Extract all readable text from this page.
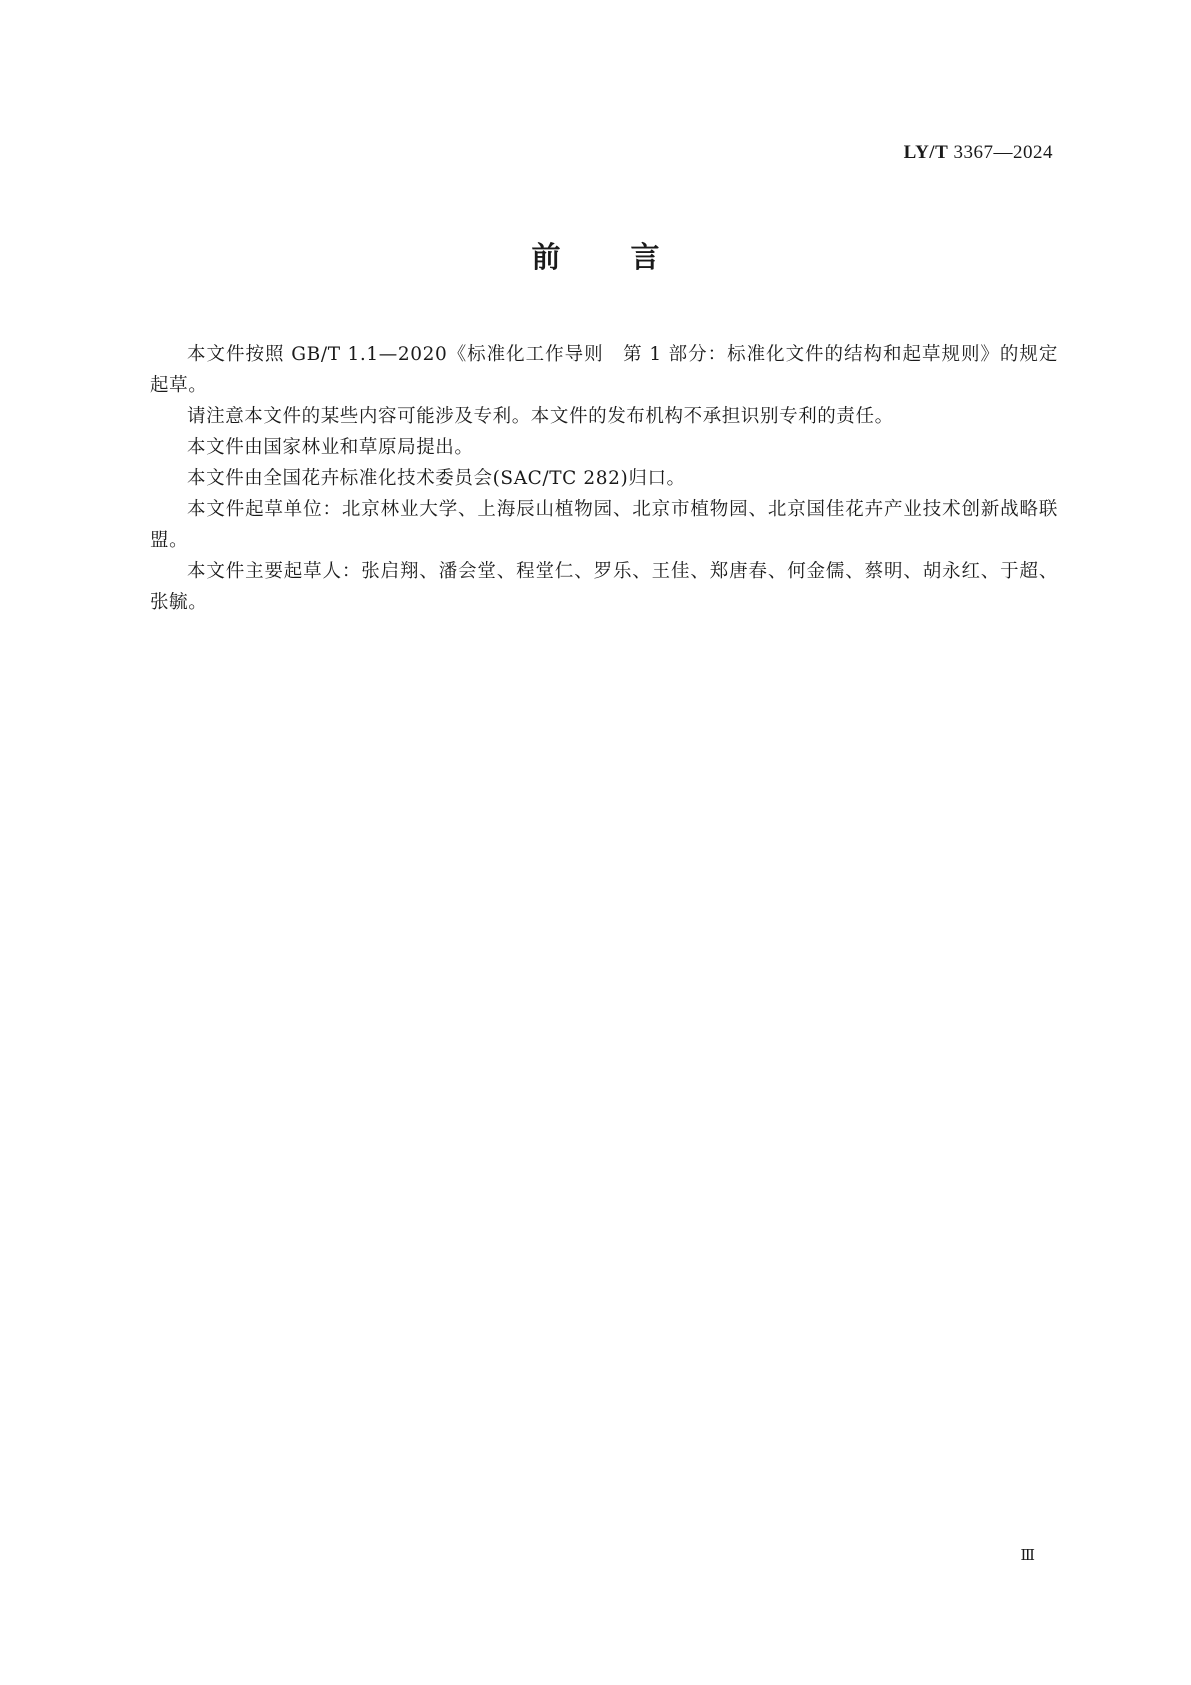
LY/T 3367—2024
前言

本文件按照 GB/T 1.1—2020《标准化工作导则　第 1 部分：标准化文件的结构和起草规则》的规定起草。

请注意本文件的某些内容可能涉及专利。本文件的发布机构不承担识别专利的责任。

本文件由国家林业和草原局提出。

本文件由全国花卉标准化技术委员会(SAC/TC 282)归口。

本文件起草单位：北京林业大学、上海辰山植物园、北京市植物园、北京国佳花卉产业技术创新战略联盟。

本文件主要起草人：张启翔、潘会堂、程堂仁、罗乐、王佳、郑唐春、何金儒、蔡明、胡永红、于超、张毓。

Ⅲ
